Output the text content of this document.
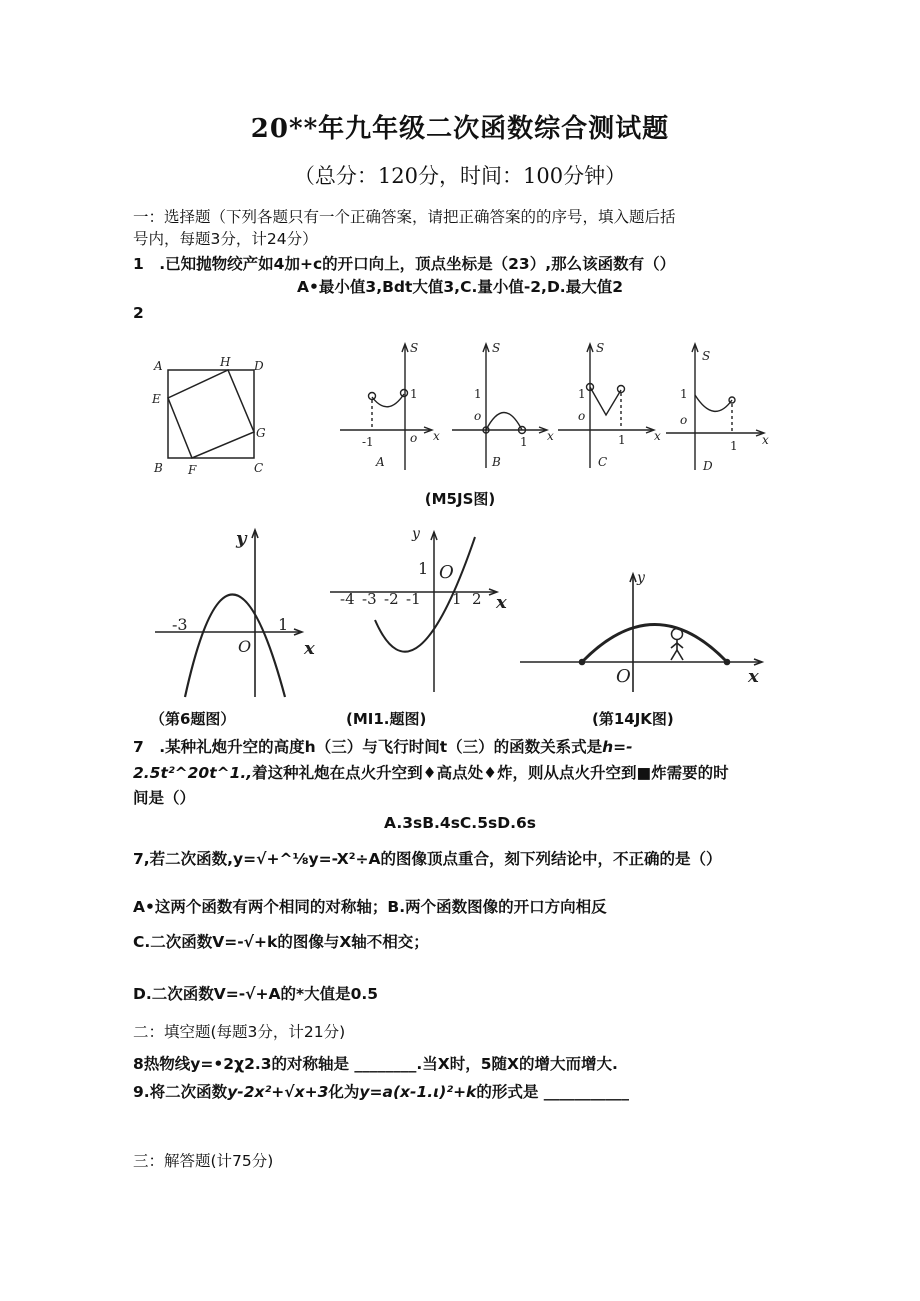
20**年九年级二次函数综合测试题
（总分：120分，时间：100分钟）
一：选择题（下列各题只有一个正确答案，请把正确答案的的序号，填入题后括
号内，每题3分，计24分）
1　.已知抛物绞产如4加+c的开口向上，顶点坐标是（23）,那么该函数有（）
A•最小值3,Bdt大值3,C.量小值-2,D.最大值2
2
A	H D
E
G
B F	C
S
x
-1
1
o
A
S
x
1
o
1
B
S
x
1
o
1
C
S
x
1
o
1
D
(M5JS图)
y
x
-3	1
O
y
x
1 O
-4 -3 -2 -1 1 2
y
x
O
（第6题图）	(MI1.题图)	(第14JK图)
7　.某种礼炮升空的高度h（三）与飞行时间t（三）的函数关系式是h=-
2.5t²^20t^1.,着这种礼炮在点火升空到♦高点处♦炸，则从点火升空到■炸需要的时
间是（）
A.3sB.4sC.5sD.6s
7,若二次函数,y=√+^⅛y=-X²÷A的图像顶点重合，刻下列结论中，不正确的是（）
A•这两个函数有两个相同的对称轴；B.两个函数图像的开口方向相反
C.二次函数V=-√+k的图像与X轴不相交；
D.二次函数V=-√+A的*大值是0.5
二：填空题(每题3分，计21分)
8热物线y=•2χ2.3的对称轴是 ________.当X时，5随X的增大而增大.
9.将二次函数y-2x²+√x+3化为y=a(x-1.ι)²+k的形式是 ___________
三：解答题(计75分)
